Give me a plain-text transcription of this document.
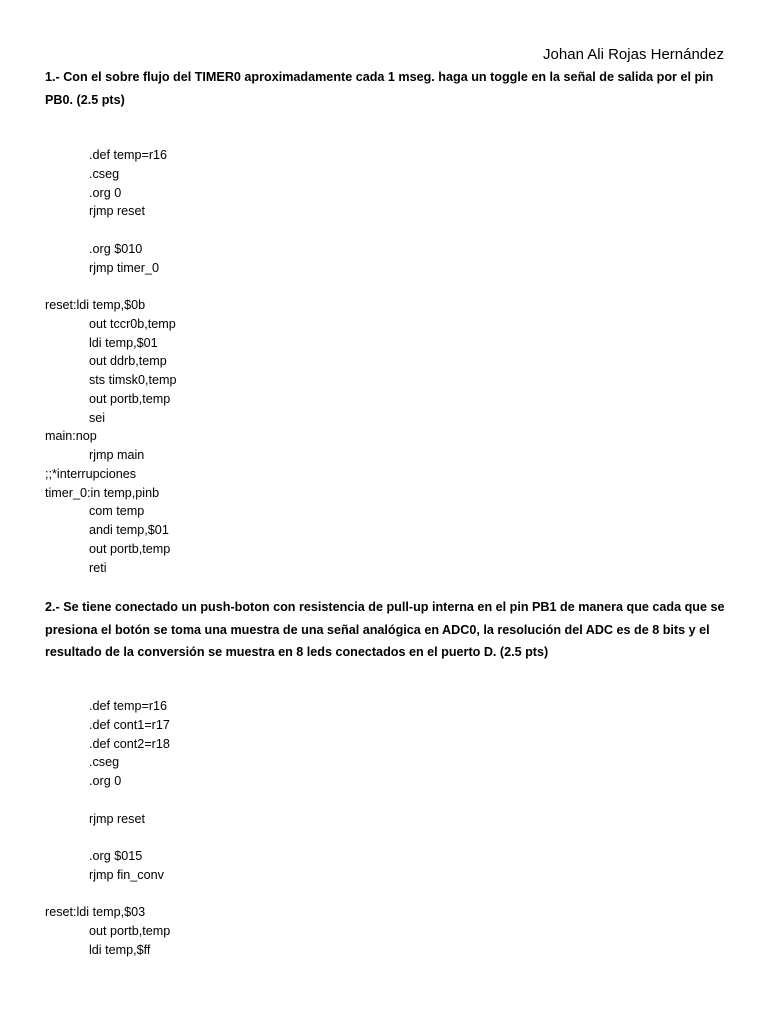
Johan Ali Rojas Hernández
1.- Con el sobre flujo del TIMER0 aproximadamente cada 1 mseg. haga un toggle en la señal de salida por el pin PB0. (2.5 pts)
.def temp=r16
.cseg
.org 0
rjmp reset
.org $010
rjmp timer_0
reset:ldi temp,$0b
out tccr0b,temp
ldi temp,$01
out ddrb,temp
sts timsk0,temp
out portb,temp
sei
main:nop
rjmp main
;;*interrupciones
timer_0:in temp,pinb
com temp
andi temp,$01
out portb,temp
reti
2.- Se tiene conectado un push-boton con resistencia de pull-up interna en el pin PB1 de manera que cada que se presiona el botón se toma una muestra de una señal analógica en ADC0, la resolución del ADC es de 8 bits y el resultado de la conversión se muestra en 8 leds conectados en el puerto D. (2.5 pts)
.def temp=r16
.def cont1=r17
.def cont2=r18
.cseg
.org 0
rjmp reset
.org $015
rjmp fin_conv
reset:ldi temp,$03
out portb,temp
ldi temp,$ff
